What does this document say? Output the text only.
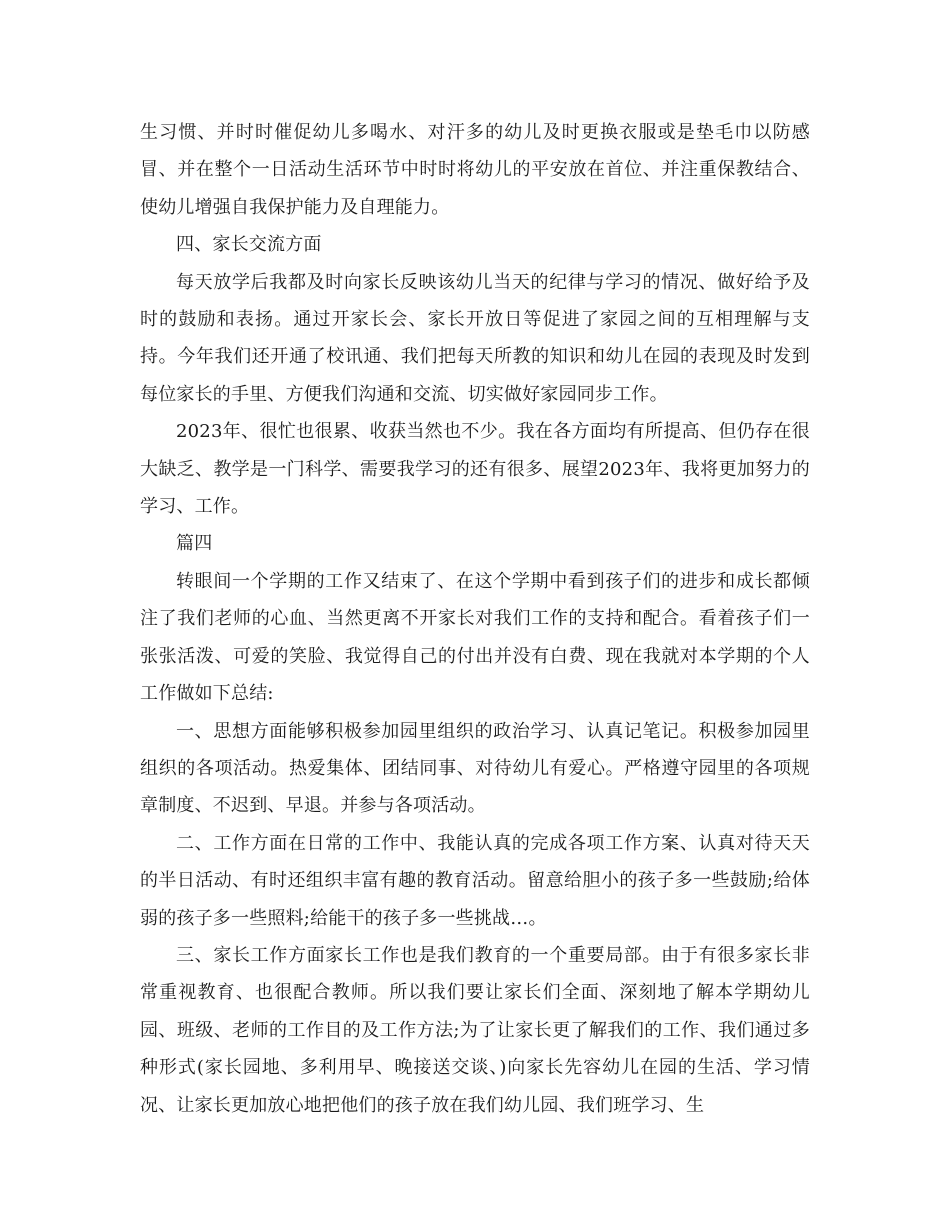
生习惯、并时时催促幼儿多喝水、对汗多的幼儿及时更换衣服或是垫毛巾以防感冒、并在整个一日活动生活环节中时时将幼儿的平安放在首位、并注重保教结合、使幼儿增强自我保护能力及自理能力。

四、家长交流方面

每天放学后我都及时向家长反映该幼儿当天的纪律与学习的情况、做好给予及时的鼓励和表扬。通过开家长会、家长开放日等促进了家园之间的互相理解与支持。今年我们还开通了校讯通、我们把每天所教的知识和幼儿在园的表现及时发到每位家长的手里、方便我们沟通和交流、切实做好家园同步工作。

2023年、很忙也很累、收获当然也不少。我在各方面均有所提高、但仍存在很大缺乏、教学是一门科学、需要我学习的还有很多、展望2023年、我将更加努力的学习、工作。

篇四

转眼间一个学期的工作又结束了、在这个学期中看到孩子们的进步和成长都倾注了我们老师的心血、当然更离不开家长对我们工作的支持和配合。看着孩子们一张张活泼、可爱的笑脸、我觉得自己的付出并没有白费、现在我就对本学期的个人工作做如下总结:

一、思想方面能够积极参加园里组织的政治学习、认真记笔记。积极参加园里组织的各项活动。热爱集体、团结同事、对待幼儿有爱心。严格遵守园里的各项规章制度、不迟到、早退。并参与各项活动。

二、工作方面在日常的工作中、我能认真的完成各项工作方案、认真对待天天的半日活动、有时还组织丰富有趣的教育活动。留意给胆小的孩子多一些鼓励;给体弱的孩子多一些照料;给能干的孩子多一些挑战…。

三、家长工作方面家长工作也是我们教育的一个重要局部。由于有很多家长非常重视教育、也很配合教师。所以我们要让家长们全面、深刻地了解本学期幼儿园、班级、老师的工作目的及工作方法;为了让家长更了解我们的工作、我们通过多种形式(家长园地、多利用早、晚接送交谈、)向家长先容幼儿在园的生活、学习情况、让家长更加放心地把他们的孩子放在我们幼儿园、我们班学习、生
